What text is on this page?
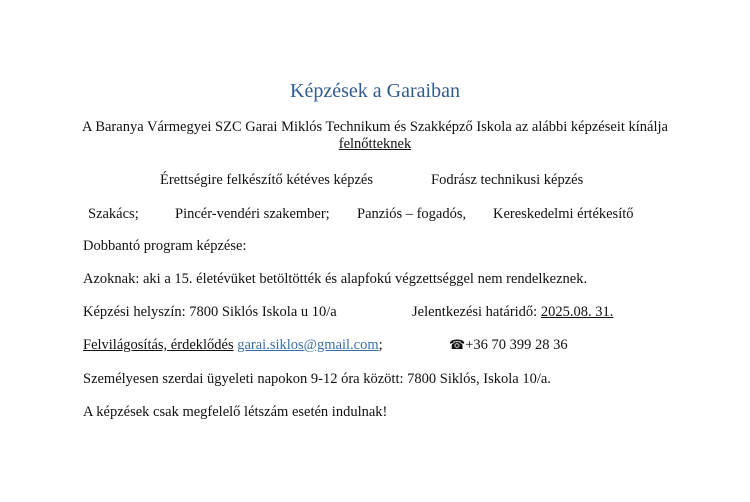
Képzések a Garaiban
A Baranya Vármegyei SZC Garai Miklós Technikum és Szakképző Iskola az alábbi képzéseit kínálja felnőtteknek
Érettségire felkészítő kétéves képzés	Fodrász technikusi képzés
Szakács;	Pincér-vendéri szakember; Panziós – fogadós, Kereskedelmi értékesítő
Dobbantó program képzése:
Azoknak: aki a 15. életévüket betöltötték és alapfokú végzettséggel nem rendelkeznek.
Képzési helyszín: 7800 Siklós Iskola u 10/a	Jelentkezési határidő: 2025.08. 31.
Felvilágosítás, érdeklődés garai.siklos@gmail.com;	☎+36 70 399 28 36
Személyesen szerdai ügyeleti napokon 9-12 óra között: 7800 Siklós, Iskola 10/a.
A képzések csak megfelelő létszám esetén indulnak!
